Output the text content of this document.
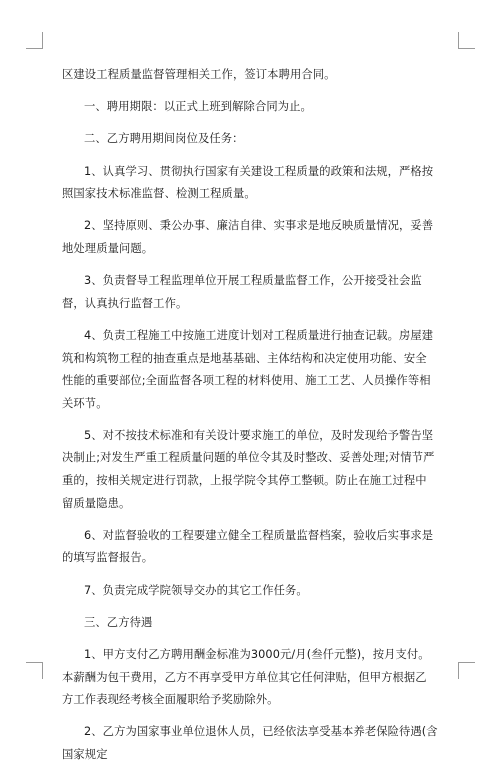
区建设工程质量监督管理相关工作，签订本聘用合同。

一、聘用期限：以正式上班到解除合同为止。

二、乙方聘用期间岗位及任务：

1、认真学习、贯彻执行国家有关建设工程质量的政策和法规，严格按照国家技术标准监督、检测工程质量。

2、坚持原则、秉公办事、廉洁自律、实事求是地反映质量情况，妥善地处理质量问题。

3、负责督导工程监理单位开展工程质量监督工作，公开接受社会监督，认真执行监督工作。

4、负责工程施工中按施工进度计划对工程质量进行抽查记载。房屋建筑和构筑物工程的抽查重点是地基基础、主体结构和决定使用功能、安全性能的重要部位;全面监督各项工程的材料使用、施工工艺、人员操作等相关环节。

5、对不按技术标准和有关设计要求施工的单位，及时发现给予警告坚决制止;对发生严重工程质量问题的单位令其及时整改、妥善处理;对情节严重的，按相关规定进行罚款，上报学院令其停工整顿。防止在施工过程中留质量隐患。

6、对监督验收的工程要建立健全工程质量监督档案，验收后实事求是的填写监督报告。

7、负责完成学院领导交办的其它工作任务。

三、乙方待遇

1、甲方支付乙方聘用酬金标准为3000元/月(叁仟元整)，按月支付。本薪酬为包干费用，乙方不再享受甲方单位其它任何津贴，但甲方根据乙方工作表现经考核全面履职给予奖励除外。

2、乙方为国家事业单位退休人员，已经依法享受基本养老保险待遇(含国家规定
